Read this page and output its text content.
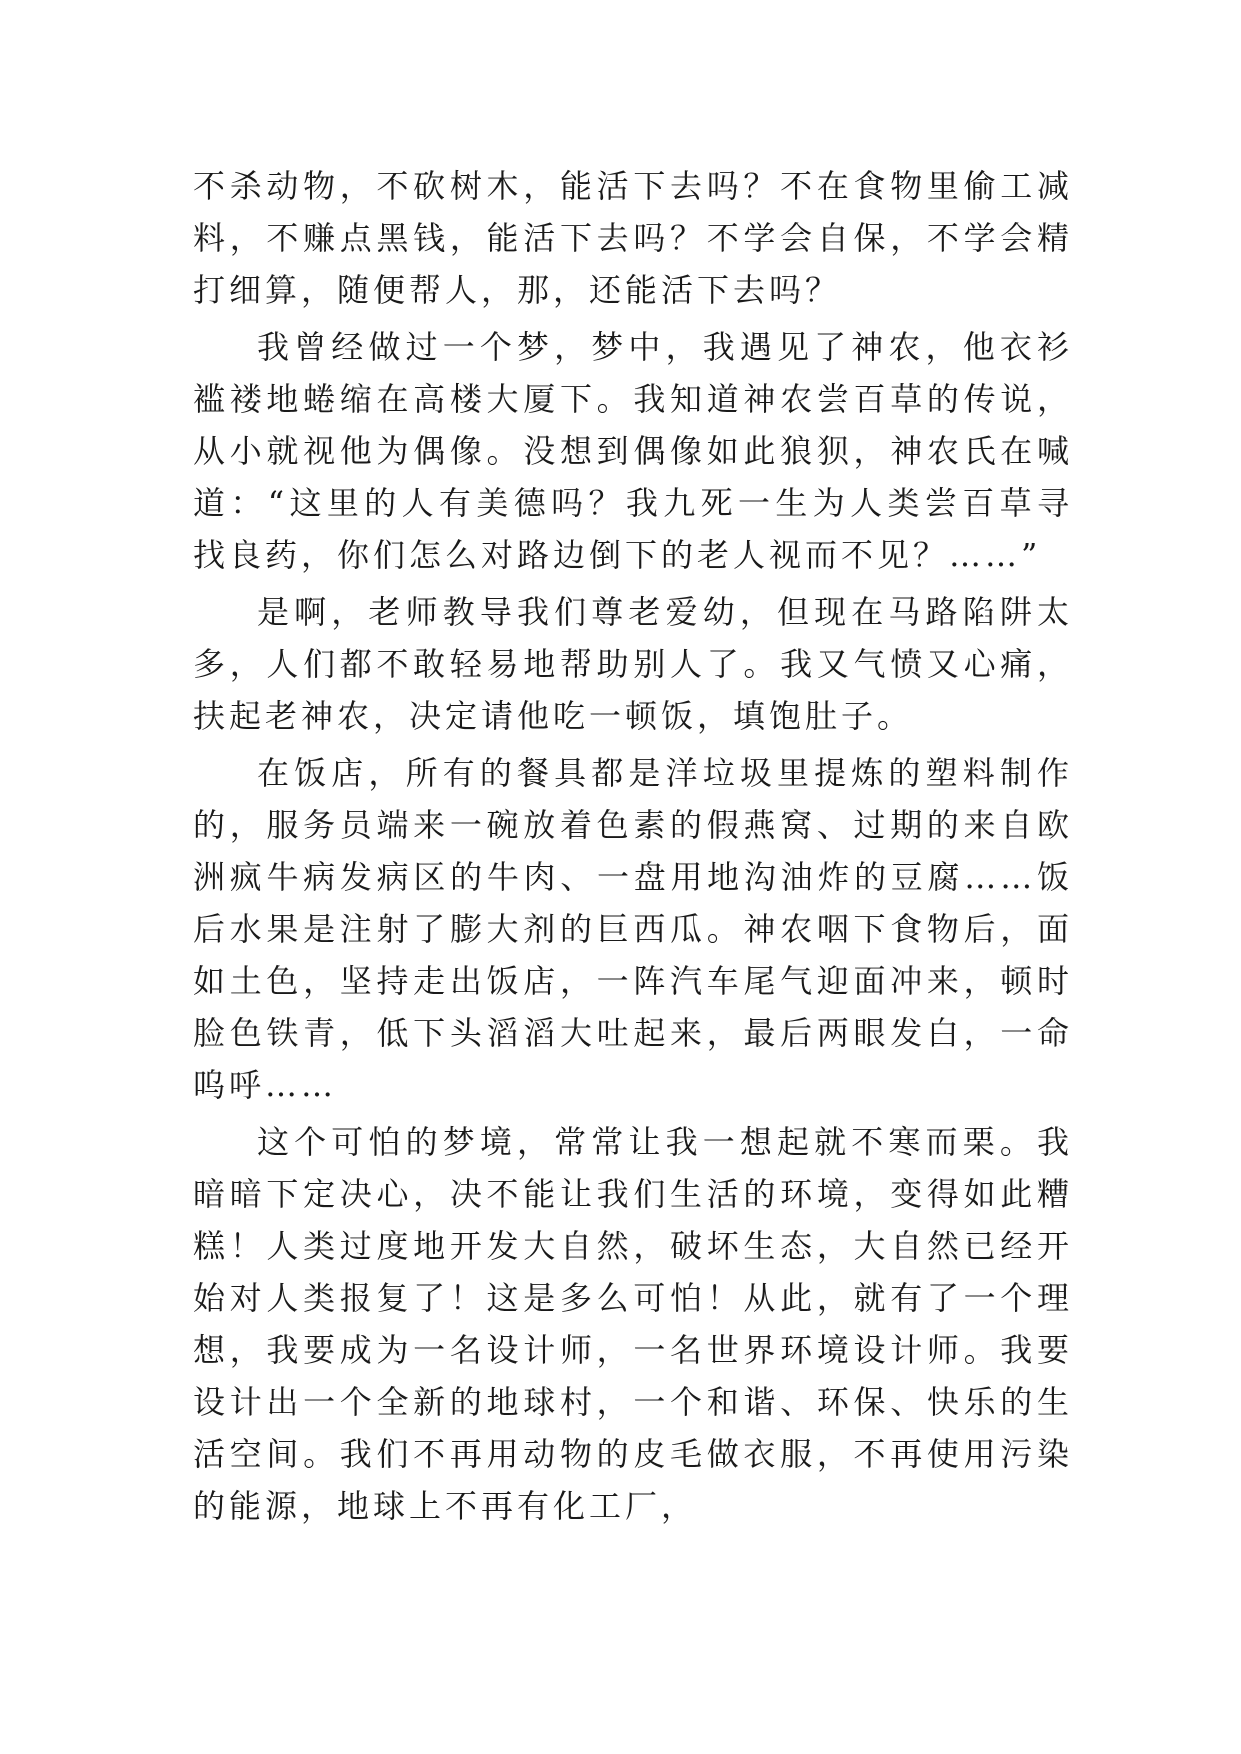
不杀动物，不砍树木，能活下去吗？不在食物里偷工减料，不赚点黑钱，能活下去吗？不学会自保，不学会精打细算，随便帮人，那，还能活下去吗？

我曾经做过一个梦，梦中，我遇见了神农，他衣衫褴褛地蜷缩在高楼大厦下。我知道神农尝百草的传说，从小就视他为偶像。没想到偶像如此狼狈，神农氏在喊道：“这里的人有美德吗？我九死一生为人类尝百草寻找良药，你们怎么对路边倒下的老人视而不见？……”

是啊，老师教导我们尊老爱幼，但现在马路陷阱太多，人们都不敢轻易地帮助别人了。我又气愤又心痛，扶起老神农，决定请他吃一顿饭，填饱肚子。

在饭店，所有的餐具都是洋垃圾里提炼的塑料制作的，服务员端来一碗放着色素的假燕窝、过期的来自欧洲疯牛病发病区的牛肉、一盘用地沟油炸的豆腐……饭后水果是注射了膨大剂的巨西瓜。神农咽下食物后，面如土色，坚持走出饭店，一阵汽车尾气迎面冲来，顿时脸色铁青，低下头滔滔大吐起来，最后两眼发白，一命呜呼……

这个可怕的梦境，常常让我一想起就不寒而栗。我暗暗下定决心，决不能让我们生活的环境，变得如此糟糕！人类过度地开发大自然，破坏生态，大自然已经开始对人类报复了！这是多么可怕！从此，就有了一个理想，我要成为一名设计师，一名世界环境设计师。我要设计出一个全新的地球村，一个和谐、环保、快乐的生活空间。我们不再用动物的皮毛做衣服，不再使用污染的能源，地球上不再有化工厂，
